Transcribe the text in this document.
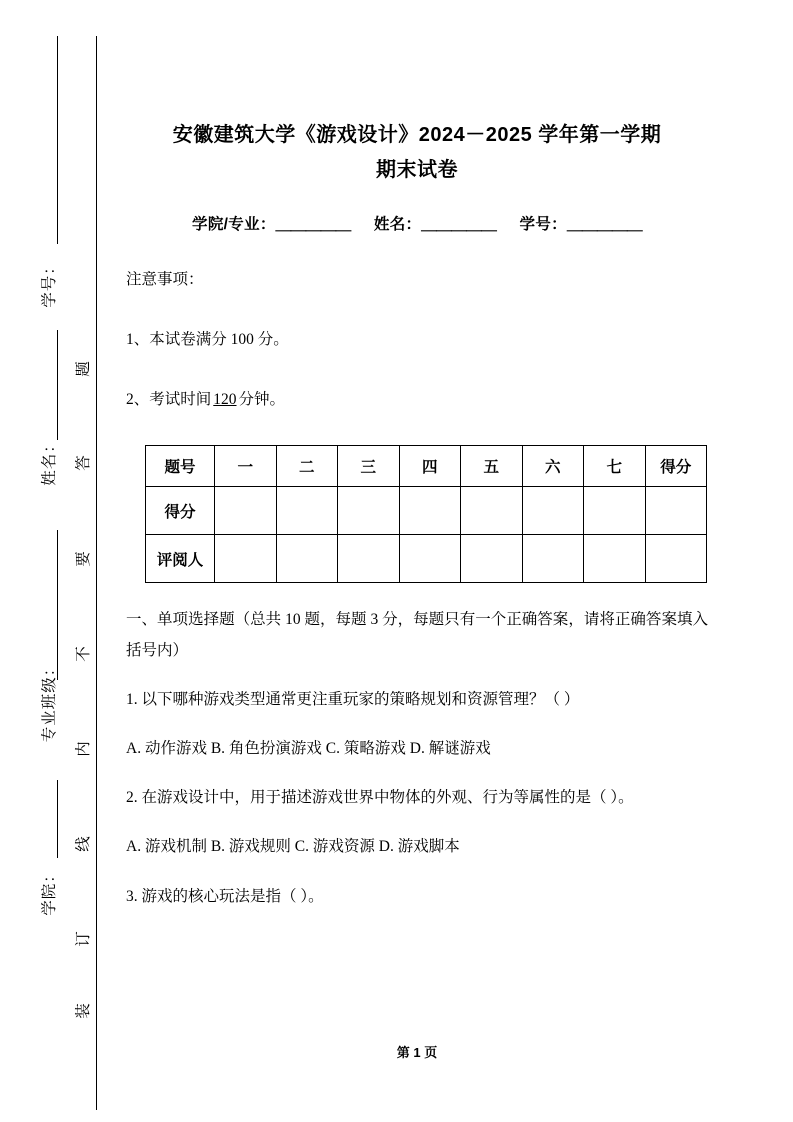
学号：
姓名：
专业班级：
学院：
题
答
要
不
内
线
订
装
安徽建筑大学《游戏设计》2024－2025 学年第一学期
期末试卷
学院/专业：＿＿＿＿＿ 姓名：＿＿＿＿＿ 学号：＿＿＿＿＿
注意事项：
1、本试卷满分 100 分。
2、考试时间 120 分钟。
题号	一	二	三	四	五	六	七	得分
得分								
评阅人								
一、单项选择题（总共 10 题，每题 3 分，每题只有一个正确答案，请将正确答案填入括号内）
1. 以下哪种游戏类型通常更注重玩家的策略规划和资源管理？（ ）
A. 动作游戏 B. 角色扮演游戏 C. 策略游戏 D. 解谜游戏
2. 在游戏设计中，用于描述游戏世界中物体的外观、行为等属性的是（ ）。
A. 游戏机制 B. 游戏规则 C. 游戏资源 D. 游戏脚本
3. 游戏的核心玩法是指（ ）。
第 1 页
